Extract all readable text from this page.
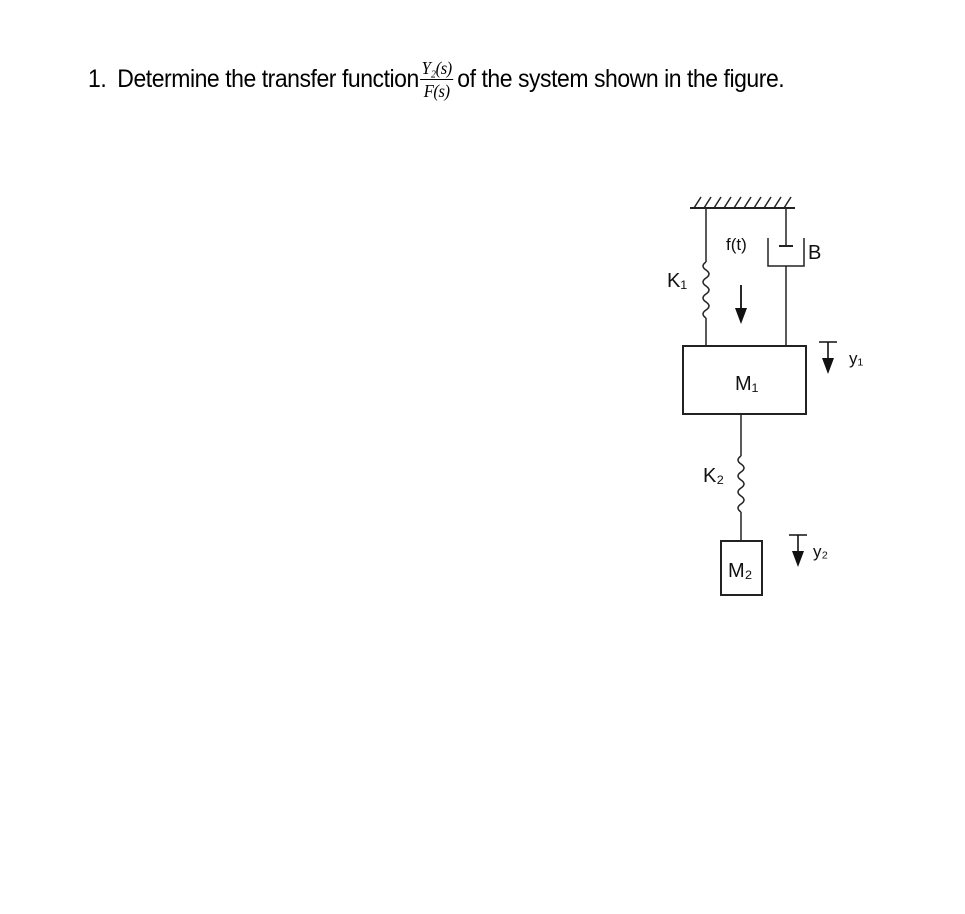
1. Determine the transfer function $\frac{\text{Y₂(s)}}{F(s)}$ of the system shown in the figure.
K₁
f(t)	B
M₁
y₁
K₂
M₂
y₂
